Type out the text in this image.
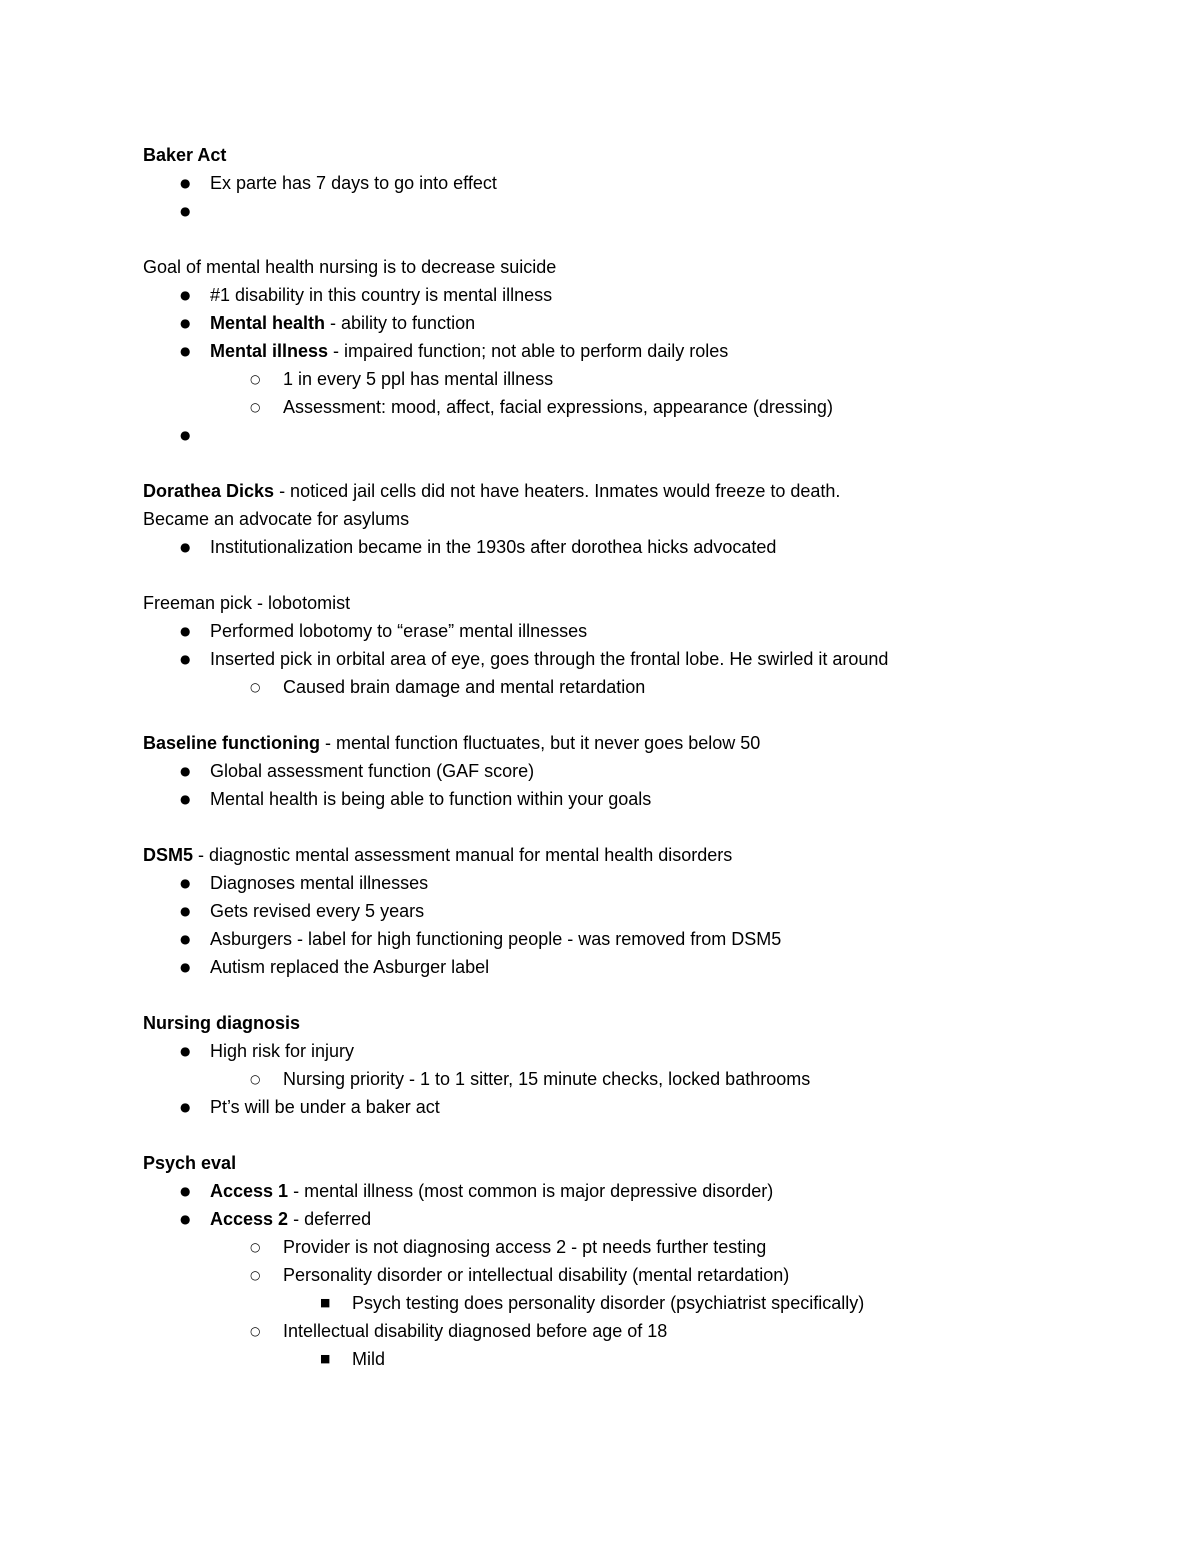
Baker Act
● Ex parte has 7 days to go into effect
●
Goal of mental health nursing is to decrease suicide
● #1 disability in this country is mental illness
● Mental health - ability to function
● Mental illness - impaired function; not able to perform daily roles
○ 1 in every 5 ppl has mental illness
○ Assessment: mood, affect, facial expressions, appearance (dressing)
●
Dorathea Dicks - noticed jail cells did not have heaters. Inmates would freeze to death.
Became an advocate for asylums
● Institutionalization became in the 1930s after dorothea hicks advocated
Freeman pick - lobotomist
● Performed lobotomy to “erase” mental illnesses
● Inserted pick in orbital area of eye, goes through the frontal lobe. He swirled it around
○ Caused brain damage and mental retardation
Baseline functioning - mental function fluctuates, but it never goes below 50
● Global assessment function (GAF score)
● Mental health is being able to function within your goals
DSM5 - diagnostic mental assessment manual for mental health disorders
● Diagnoses mental illnesses
● Gets revised every 5 years
● Asburgers - label for high functioning people - was removed from DSM5
● Autism replaced the Asburger label
Nursing diagnosis
● High risk for injury
○ Nursing priority - 1 to 1 sitter, 15 minute checks, locked bathrooms
● Pt’s will be under a baker act
Psych eval
● Access 1 - mental illness (most common is major depressive disorder)
● Access 2 - deferred
○ Provider is not diagnosing access 2 - pt needs further testing
○ Personality disorder or intellectual disability (mental retardation)
■ Psych testing does personality disorder (psychiatrist specifically)
○ Intellectual disability diagnosed before age of 18
■ Mild
